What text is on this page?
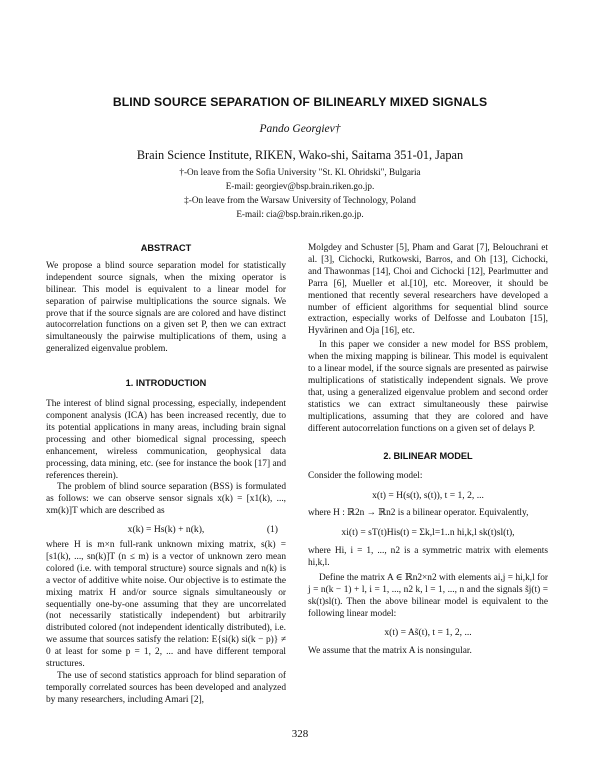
BLIND SOURCE SEPARATION OF BILINEARLY MIXED SIGNALS
Pando Georgiev†
Brain Science Institute, RIKEN, Wako-shi, Saitama 351-01, Japan
†-On leave from the Sofia University "St. Kl. Ohridski", Bulgaria
E-mail: georgiev@bsp.brain.riken.go.jp.
‡-On leave from the Warsaw University of Technology, Poland
E-mail: cia@bsp.brain.riken.go.jp.
ABSTRACT

We propose a blind source separation model for statistically independent source signals, when the mixing operator is bilinear. This model is equivalent to a linear model for separation of pairwise multiplications the source signals. We prove that if the source signals are are colored and have distinct autocorrelation functions on a given set P, then we can extract simultaneously the pairwise multiplications of them, using a generalized eigenvalue problem.

1. INTRODUCTION

The interest of blind signal processing, especially, independent component analysis (ICA) has been increased recently, due to its potential applications in many areas, including brain signal processing and other biomedical signal processing, speech enhancement, wireless communication, geophysical data processing, data mining, etc. (see for instance the book [17] and references therein).

The problem of blind source separation (BSS) is formulated as follows: we can observe sensor signals x(k) = [x1(k), ..., xm(k)]T which are described as

x(k) = Hs(k) + n(k),	(1)

where H is m×n full-rank unknown mixing matrix, s(k) = [s1(k), ..., sn(k)]T (n ≤ m) is a vector of unknown zero mean colored (i.e. with temporal structure) source signals and n(k) is a vector of additive white noise. Our objective is to estimate the mixing matrix H and/or source signals simultaneously or sequentially one-by-one assuming that they are uncorrelated (not necessarily statistically independent) but arbitrarily distributed colored (not independent identically distributed), i.e. we assume that sources satisfy the relation: E{si(k) si(k − p)} ≠ 0 at least for some p = 1, 2, ... and have different temporal structures.

The use of second statistics approach for blind separation of temporally correlated sources has been developed and analyzed by many researchers, including Amari [2],

Molgdey and Schuster [5], Pham and Garat [7], Belouchrani et al. [3], Cichocki, Rutkowski, Barros, and Oh [13], Cichocki, and Thawonmas [14], Choi and Cichocki [12], Pearlmutter and Parra [6], Mueller et al.[10], etc. Moreover, it should be mentioned that recently several researchers have developed a number of efficient algorithms for sequential blind source extraction, especially works of Delfosse and Loubaton [15], Hyvärinen and Oja [16], etc.

In this paper we consider a new model for BSS problem, when the mixing mapping is bilinear. This model is equivalent to a linear model, if the source signals are presented as pairwise multiplications of statistically independent signals. We prove that, using a generalized eigenvalue problem and second order statistics we can extract simultaneously these pairwise multiplications, assuming that they are colored and have different autocorrelation functions on a given set of delays P.

2. BILINEAR MODEL

Consider the following model:

x(t) = H(s(t), s(t)), t = 1, 2, ...

where H : ℝ2n → ℝn2 is a bilinear operator. Equivalently,

xi(t) = sT(t)His(t) = Σk,l=1..n hi,k,l sk(t)sl(t),

where Hi, i = 1, ..., n2 is a symmetric matrix with elements hi,k,l.

Define the matrix A ∈ ℝn2×n2 with elements ai,j = hi,k,l for j = n(k − 1) + l, i = 1, ..., n2 k, l = 1, ..., n and the signals s̃j(t) = sk(t)sl(t). Then the above bilinear model is equivalent to the following linear model:

x(t) = As̃(t), t = 1, 2, ...

We assume that the matrix A is nonsingular.

328
